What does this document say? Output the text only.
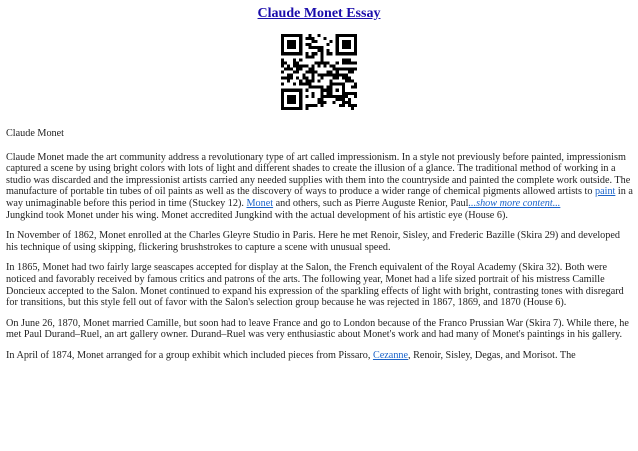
Claude Monet Essay

Claude Monet

Claude Monet made the art community address a revolutionary type of art called impressionism. In a style not previously before painted, impressionism captured a scene by using bright colors with lots of light and different shades to create the illusion of a glance. The traditional method of working in a studio was discarded and the impressionist artists carried any needed supplies with them into the countryside and painted the complete work outside. The manufacture of portable tin tubes of oil paints as well as the discovery of ways to produce a wider range of chemical pigments allowed artists to paint in a way unimaginable before this period in time (Stuckey 12). Monet and others, such as Pierre Auguste Renior, Paul...show more content...
Jungkind took Monet under his wing. Monet accredited Jungkind with the actual development of his artistic eye (House 6).

In November of 1862, Monet enrolled at the Charles Gleyre Studio in Paris. Here he met Renoir, Sisley, and Frederic Bazille (Skira 29) and developed his technique of using skipping, flickering brushstrokes to capture a scene with unusual speed.

In 1865, Monet had two fairly large seascapes accepted for display at the Salon, the French equivalent of the Royal Academy (Skira 32). Both were noticed and favorably received by famous critics and patrons of the arts. The following year, Monet had a life sized portrait of his mistress Camille Doncieux accepted to the Salon. Monet continued to expand his expression of the sparkling effects of light with bright, contrasting tones with disregard for transitions, but this style fell out of favor with the Salon's selection group because he was rejected in 1867, 1869, and 1870 (House 6).

On June 26, 1870, Monet married Camille, but soon had to leave France and go to London because of the Franco Prussian War (Skira 7). While there, he met Paul Durand–Ruel, an art gallery owner. Durand–Ruel was very enthusiastic about Monet's work and had many of Monet's paintings in his gallery.

In April of 1874, Monet arranged for a group exhibit which included pieces from Pissaro, Cezanne, Renoir, Sisley, Degas, and Morisot. The
